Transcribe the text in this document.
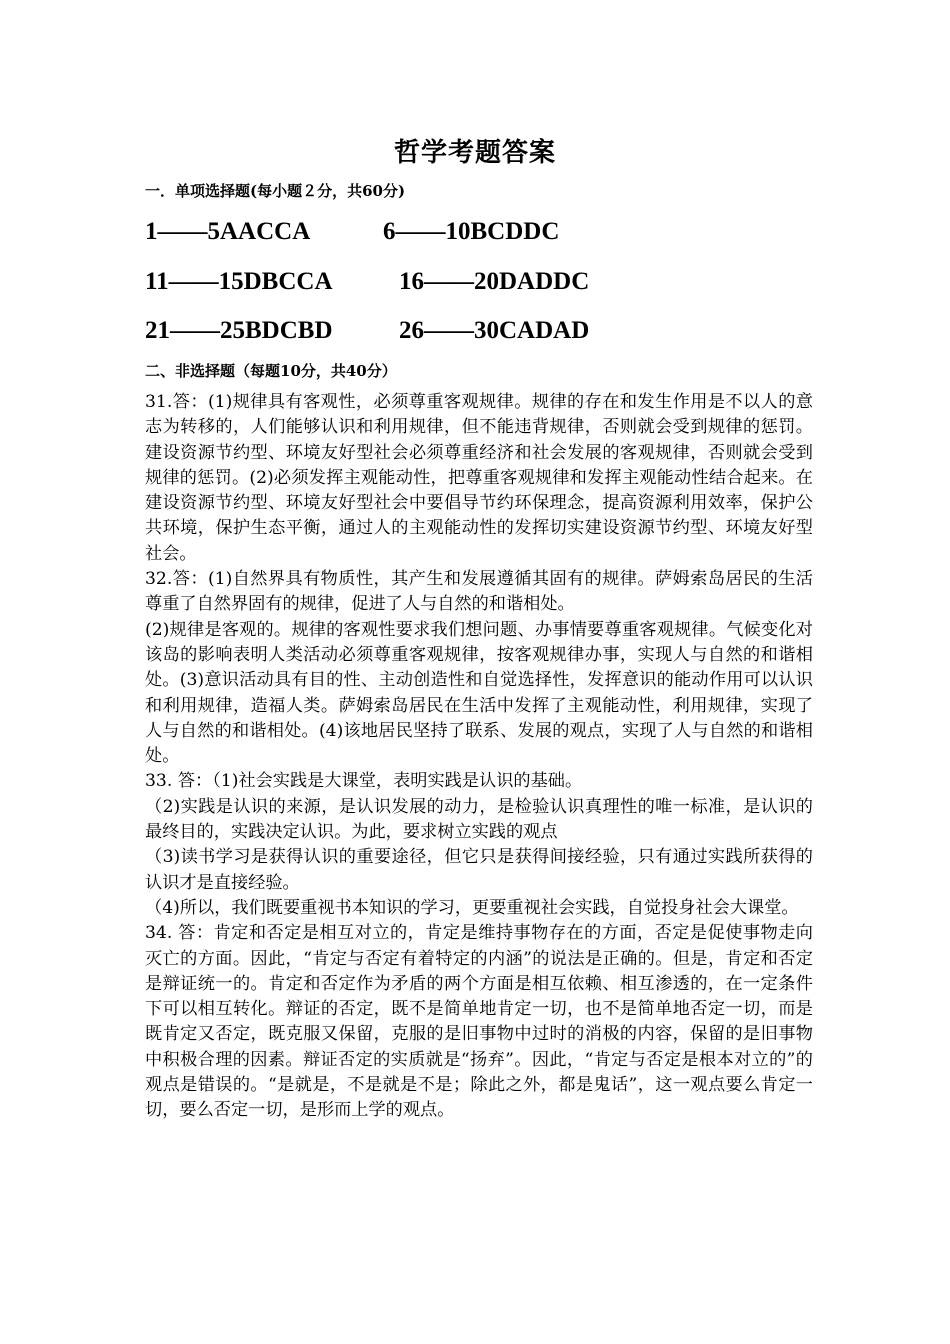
哲学考题答案
一．单项选择题(每小题２分，共60分)
1——5AACCA	6——10BCDDC
11——15DBCCA	16——20DADDC
21——25BDCBD	26——30CADAD
二、非选择题（每题10分，共40分）

31.答：(1)规律具有客观性，必须尊重客观规律。规律的存在和发生作用是不以人的意志为转移的，人们能够认识和利用规律，但不能违背规律，否则就会受到规律的惩罚。建设资源节约型、环境友好型社会必须尊重经济和社会发展的客观规律，否则就会受到规律的惩罚。(2)必须发挥主观能动性，把尊重客观规律和发挥主观能动性结合起来。在建设资源节约型、环境友好型社会中要倡导节约环保理念，提高资源利用效率，保护公共环境，保护生态平衡，通过人的主观能动性的发挥切实建设资源节约型、环境友好型社会。

32.答：(1)自然界具有物质性，其产生和发展遵循其固有的规律。萨姆索岛居民的生活尊重了自然界固有的规律，促进了人与自然的和谐相处。

(2)规律是客观的。规律的客观性要求我们想问题、办事情要尊重客观规律。气候变化对该岛的影响表明人类活动必须尊重客观规律，按客观规律办事，实现人与自然的和谐相处。(3)意识活动具有目的性、主动创造性和自觉选择性，发挥意识的能动作用可以认识和利用规律，造福人类。萨姆索岛居民在生活中发挥了主观能动性，利用规律，实现了人与自然的和谐相处。(4)该地居民坚持了联系、发展的观点，实现了人与自然的和谐相处。

33. 答：（1)社会实践是大课堂，表明实践是认识的基础。

（2)实践是认识的来源，是认识发展的动力，是检验认识真理性的唯一标准，是认识的最终目的，实践决定认识。为此，要求树立实践的观点

（3)读书学习是获得认识的重要途径，但它只是获得间接经验，只有通过实践所获得的认识才是直接经验。

（4)所以，我们既要重视书本知识的学习，更要重视社会实践，自觉投身社会大课堂。

34. 答：肯定和否定是相互对立的，肯定是维持事物存在的方面，否定是促使事物走向灭亡的方面。因此，“肯定与否定有着特定的内涵”的说法是正确的。但是，肯定和否定是辩证统一的。肯定和否定作为矛盾的两个方面是相互依赖、相互渗透的，在一定条件下可以相互转化。辩证的否定，既不是简单地肯定一切，也不是简单地否定一切，而是既肯定又否定，既克服又保留，克服的是旧事物中过时的消极的内容，保留的是旧事物中积极合理的因素。辩证否定的实质就是“扬弃”。因此，“肯定与否定是根本对立的”的观点是错误的。“是就是，不是就是不是；除此之外，都是鬼话”，这一观点要么肯定一切，要么否定一切，是形而上学的观点。
